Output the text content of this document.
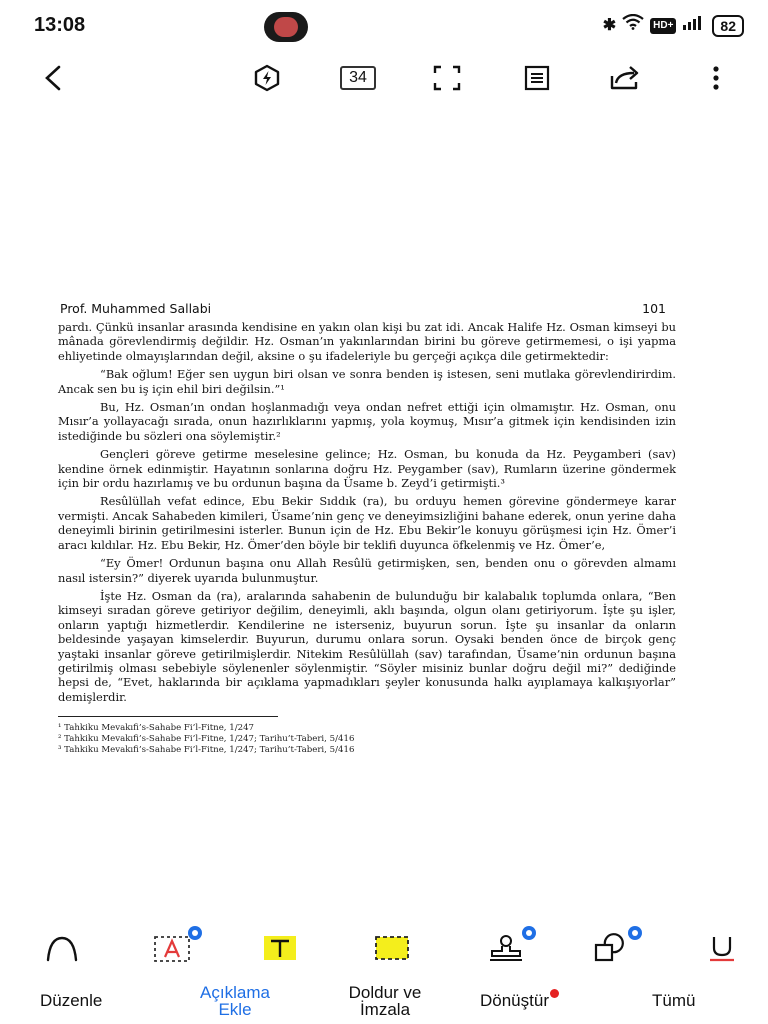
13:08	✱	HD+	82
34
Prof. Muhammed Sallabi	101

pardı. Çünkü insanlar arasında kendisine en yakın olan kişi bu zat idi. Ancak Halife Hz. Osman kimseyi bu mânada görevlendirmiş değildir. Hz. Osman’ın yakınlarından birini bu göreve getirmemesi, o işi yapma ehliyetinde olmayışlarından değil, aksine o şu ifadeleriyle bu gerçeği açıkça dile getirmektedir:

“Bak oğlum! Eğer sen uygun biri olsan ve sonra benden iş istesen, seni mutlaka görevlendirirdim. Ancak sen bu iş için ehil biri değilsin.”¹

Bu, Hz. Osman’ın ondan hoşlanmadığı veya ondan nefret ettiği için olmamıştır. Hz. Osman, onu Mısır’a yollayacağı sırada, onun hazırlıklarını yapmış, yola koymuş, Mısır’a gitmek için kendisinden izin istediğinde bu sözleri ona söylemiştir.²

Gençleri göreve getirme meselesine gelince; Hz. Osman, bu konuda da Hz. Peygamberi (sav) kendine örnek edinmiştir. Hayatının sonlarına doğru Hz. Peygamber (sav), Rumların üzerine göndermek için bir ordu hazırlamış ve bu ordunun başına da Üsame b. Zeyd’i getirmişti.³

Resûlüllah vefat edince, Ebu Bekir Sıddık (ra), bu orduyu hemen görevine göndermeye karar vermişti. Ancak Sahabeden kimileri, Üsame’nin genç ve deneyimsizliğini bahane ederek, onun yerine daha deneyimli birinin getirilmesini isterler. Bunun için de Hz. Ebu Bekir’le konuyu görüşmesi için Hz. Ömer’i aracı kıldılar. Hz. Ebu Bekir, Hz. Ömer’den böyle bir teklifi duyunca öfkelenmiş ve Hz. Ömer’e,

“Ey Ömer! Ordunun başına onu Allah Resûlü getirmişken, sen, benden onu o görevden almamı nasıl istersin?” diyerek uyarıda bulunmuştur.

İşte Hz. Osman da (ra), aralarında sahabenin de bulunduğu bir kalabalık toplumda onlara, “Ben kimseyi sıradan göreve getiriyor değilim, deneyimli, aklı başında, olgun olanı getiriyorum. İşte şu işler, onların yaptığı hizmetlerdir. Kendilerine ne isterseniz, buyurun sorun. İşte şu insanlar da onların beldesinde yaşayan kimselerdir. Buyurun, durumu onlara sorun. Oysaki benden önce de birçok genç yaştaki insanlar göreve getirilmişlerdir. Nitekim Resûlüllah (sav) tarafından, Üsame’nin ordunun başına getirilmiş olması sebebiyle söylenenler söylenmiştir. “Söyler misiniz bunlar doğru değil mi?” dediğinde hepsi de, “Evet, haklarında bir açıklama yapmadıkları şeyler konusunda halkı ayıplamaya kalkışıyorlar” demişlerdir.

¹ Tahkiku Mevakıfi’s-Sahabe Fi’l-Fitne, 1/247
² Tahkiku Mevakıfi’s-Sahabe Fi’l-Fitne, 1/247; Tarihu’t-Taberi, 5/416
³ Tahkiku Mevakıfi’s-Sahabe Fi’l-Fitne, 1/247; Tarihu’t-Taberi, 5/416
Düzenle	Açıklama
Ekle
Doldur ve
İmzala	Dönüştür	Tümü
